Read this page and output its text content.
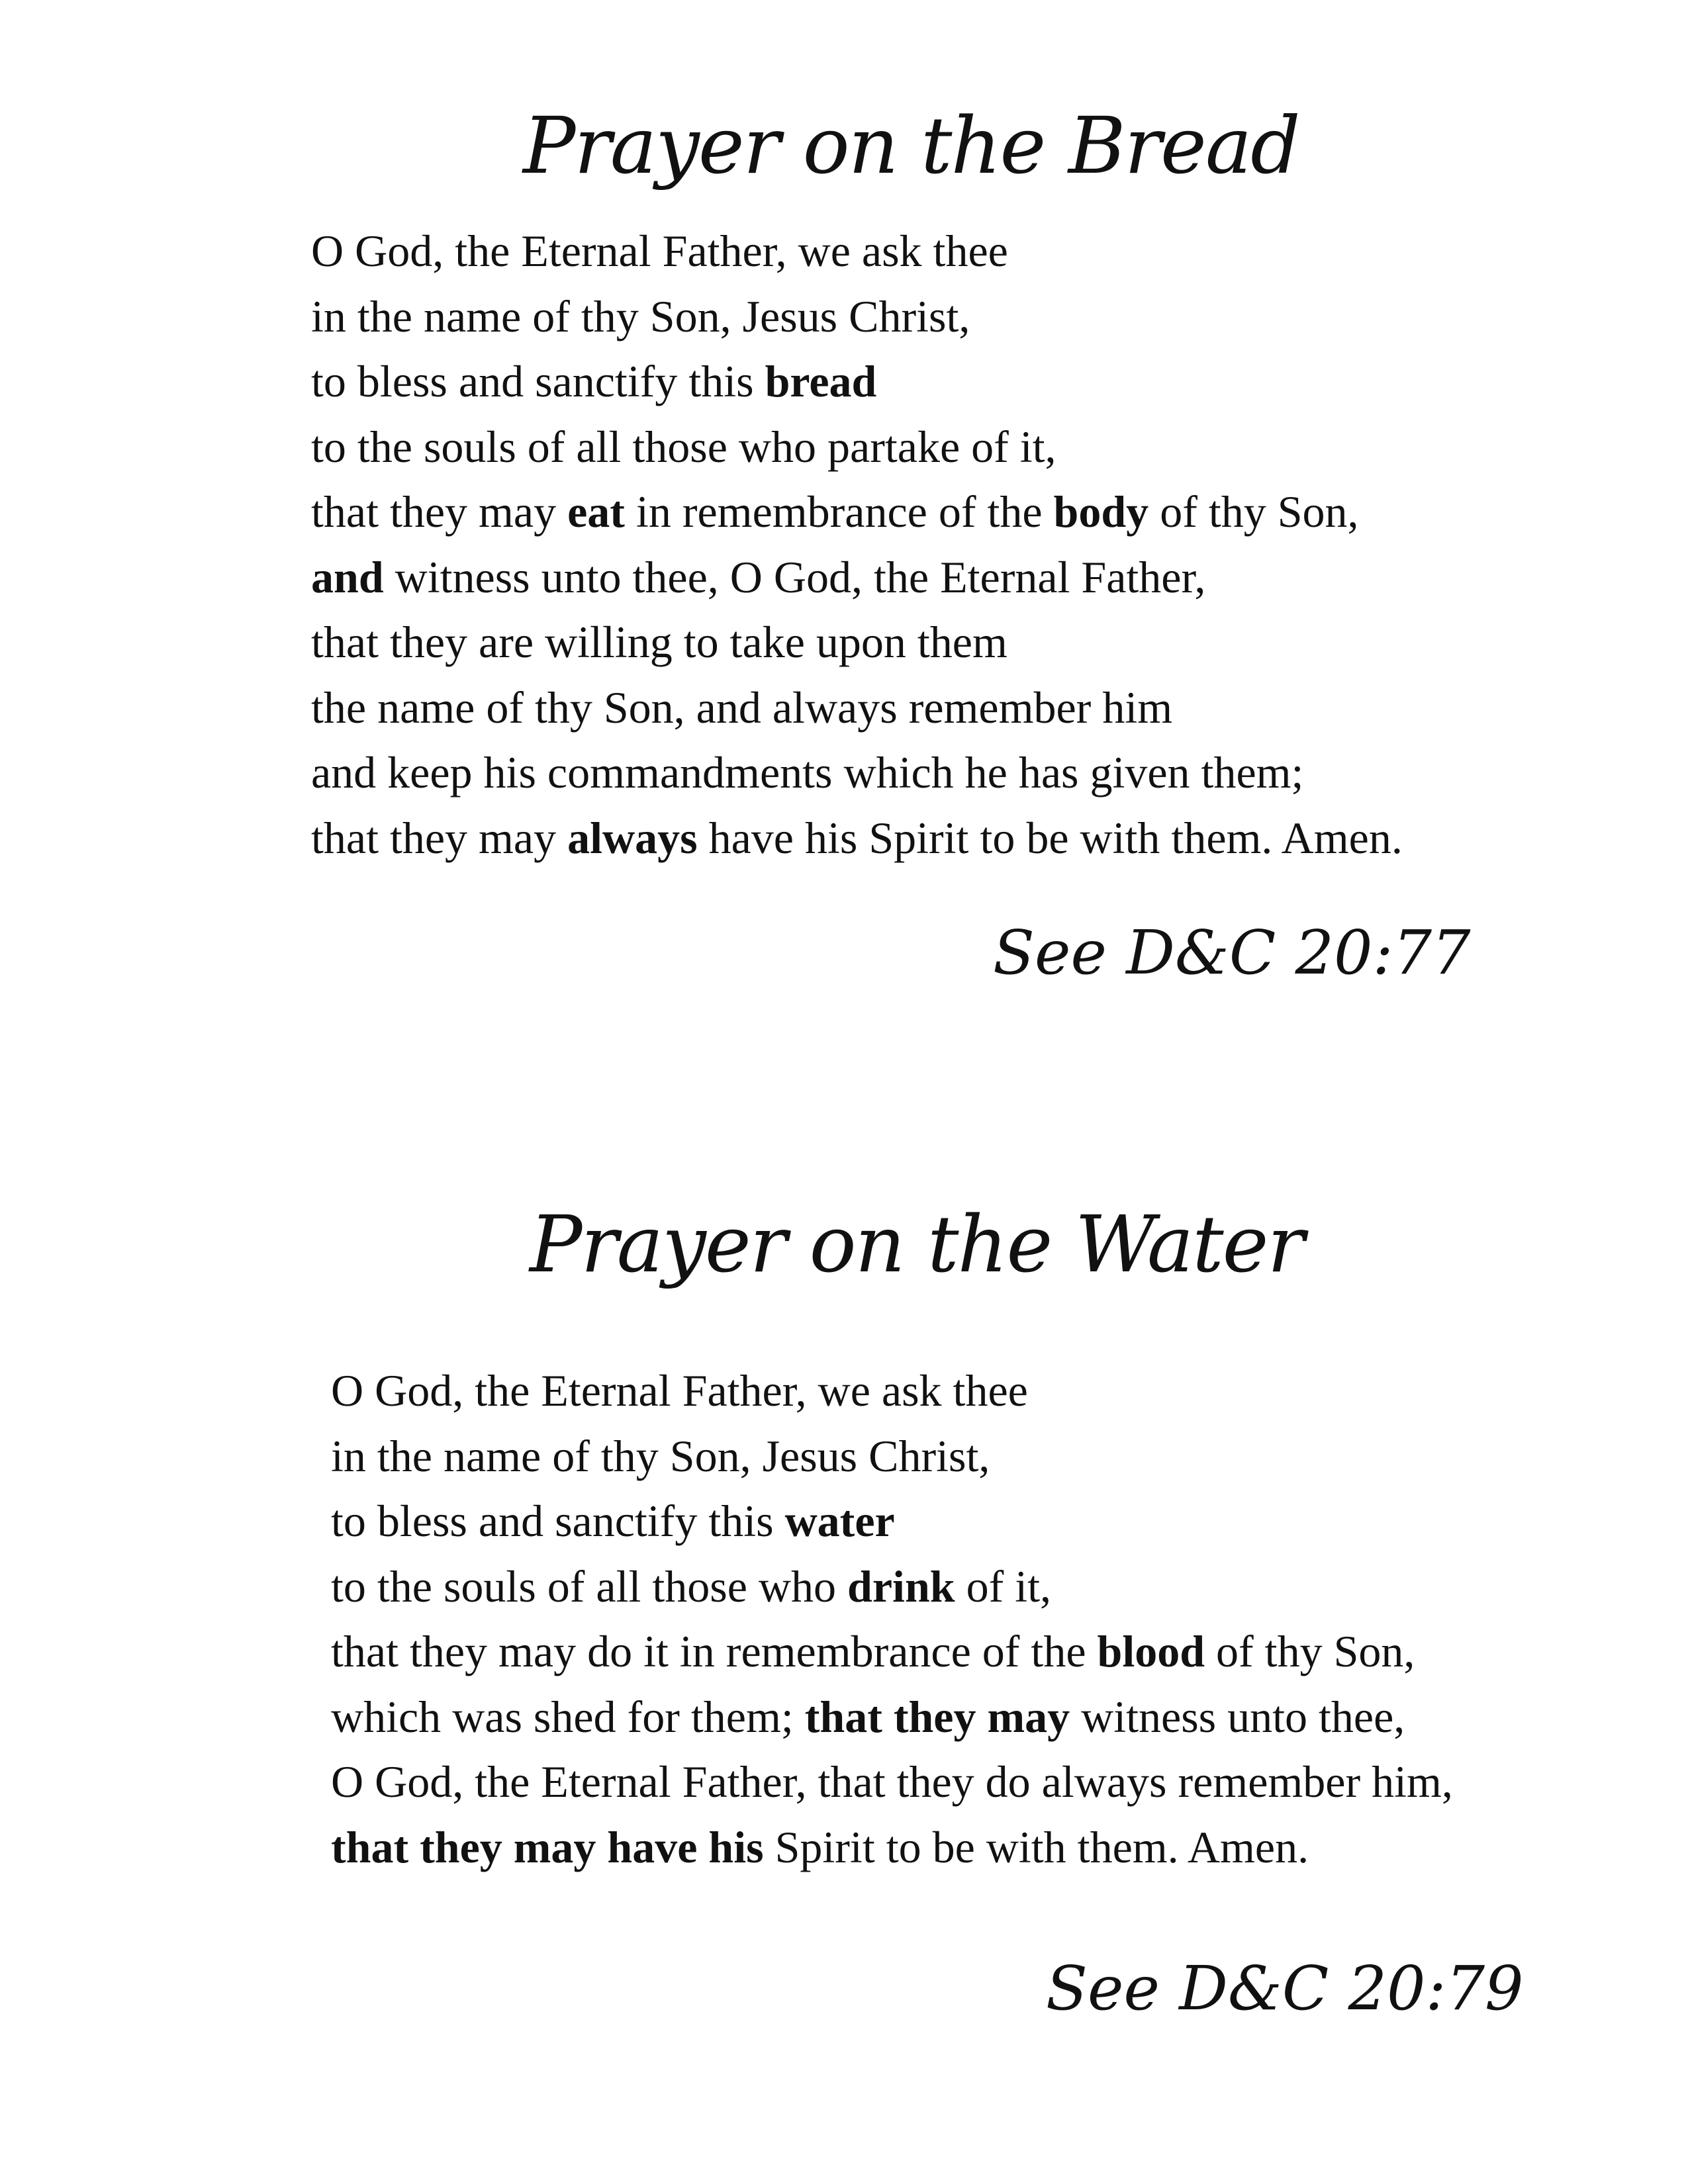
Prayer on the Bread
O God, the Eternal Father, we ask thee
in the name of thy Son, Jesus Christ,
to bless and sanctify this bread
to the souls of all those who partake of it,
that they may eat in remembrance of the body of thy Son,
and witness unto thee, O God, the Eternal Father,
that they are willing to take upon them
the name of thy Son, and always remember him
and keep his commandments which he has given them;
that they may always have his Spirit to be with them. Amen.

See D&C 20:77

Prayer on the Water
O God, the Eternal Father, we ask thee
in the name of thy Son, Jesus Christ,
to bless and sanctify this water
to the souls of all those who drink of it,
that they may do it in remembrance of the blood of thy Son,
which was shed for them; that they may witness unto thee,
O God, the Eternal Father, that they do always remember him,
that they may have his Spirit to be with them. Amen.

See D&C 20:79
